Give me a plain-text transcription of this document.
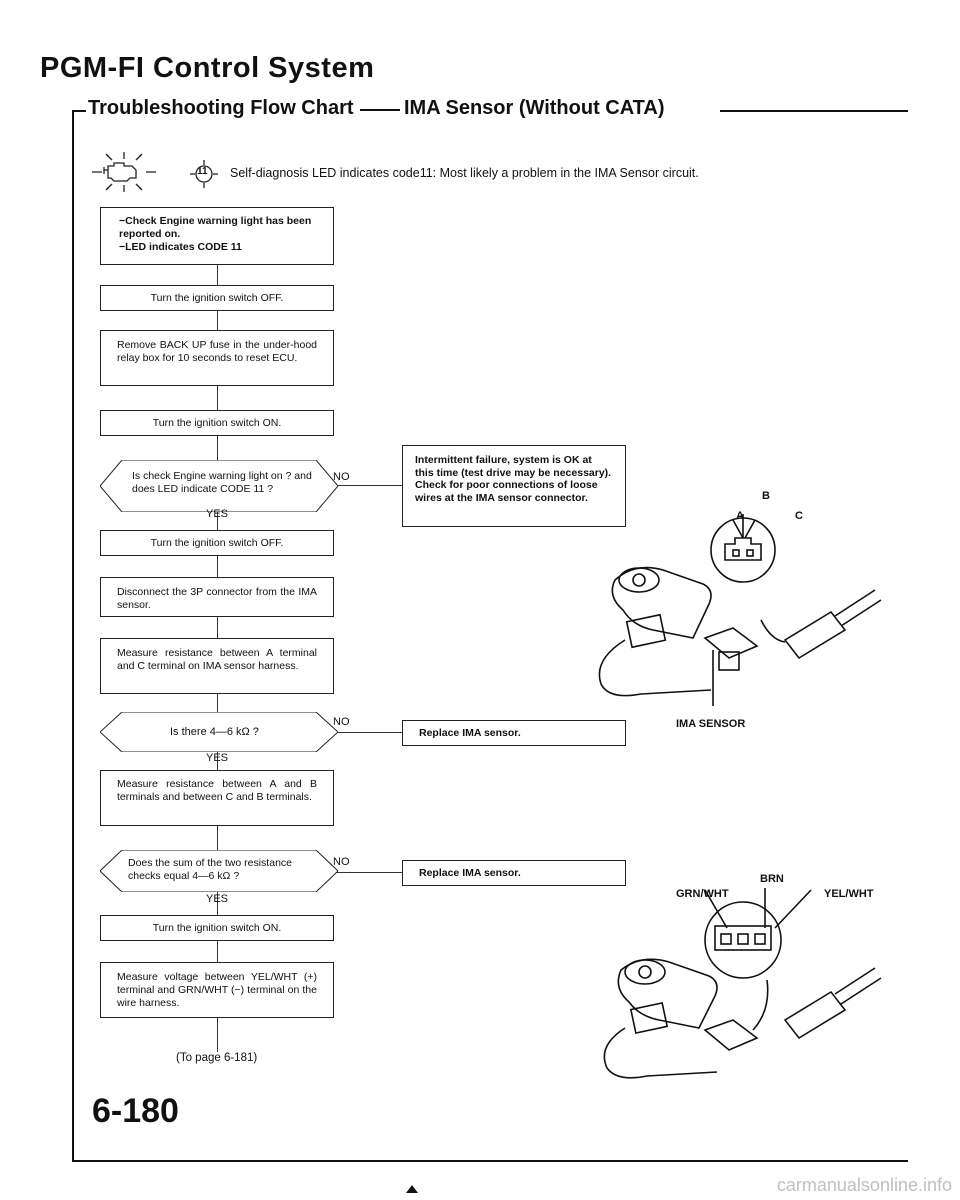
PGM-FI Control System
Troubleshooting Flow Chart	IMA Sensor (Without CATA)
11 Self-diagnosis LED indicates code11: Most likely a problem in the IMA Sensor circuit.
−Check Engine warning light has been reported on.
−LED indicates CODE 11
Turn the ignition switch OFF.
Remove BACK UP fuse in the under-hood relay box for 10 seconds to reset ECU.
Turn the ignition switch ON.
Is check Engine warning light on ? and does LED indicate CODE 11 ?
YES
NO
Intermittent failure, system is OK at this time (test drive may be necessary).
Check for poor connections of loose wires at the IMA sensor connector.
Turn the ignition switch OFF.
Disconnect the 3P connector from the IMA sensor.
Measure resistance between A terminal and C terminal on IMA sensor harness.
Is there 4—6 kΩ ?
YES
NO
Replace IMA sensor.
Measure resistance between A and B terminals and between C and B terminals.
Does the sum of the two resistance checks equal 4—6 kΩ ?
YES
NO
Replace IMA sensor.
Turn the ignition switch ON.
Measure voltage between YEL/WHT (+) terminal and GRN/WHT (−) terminal on the wire harness.
(To page 6-181)
A
B
C
IMA SENSOR
BRN
GRN/WHT	YEL/WHT
6-180
carmanualsonline.info
